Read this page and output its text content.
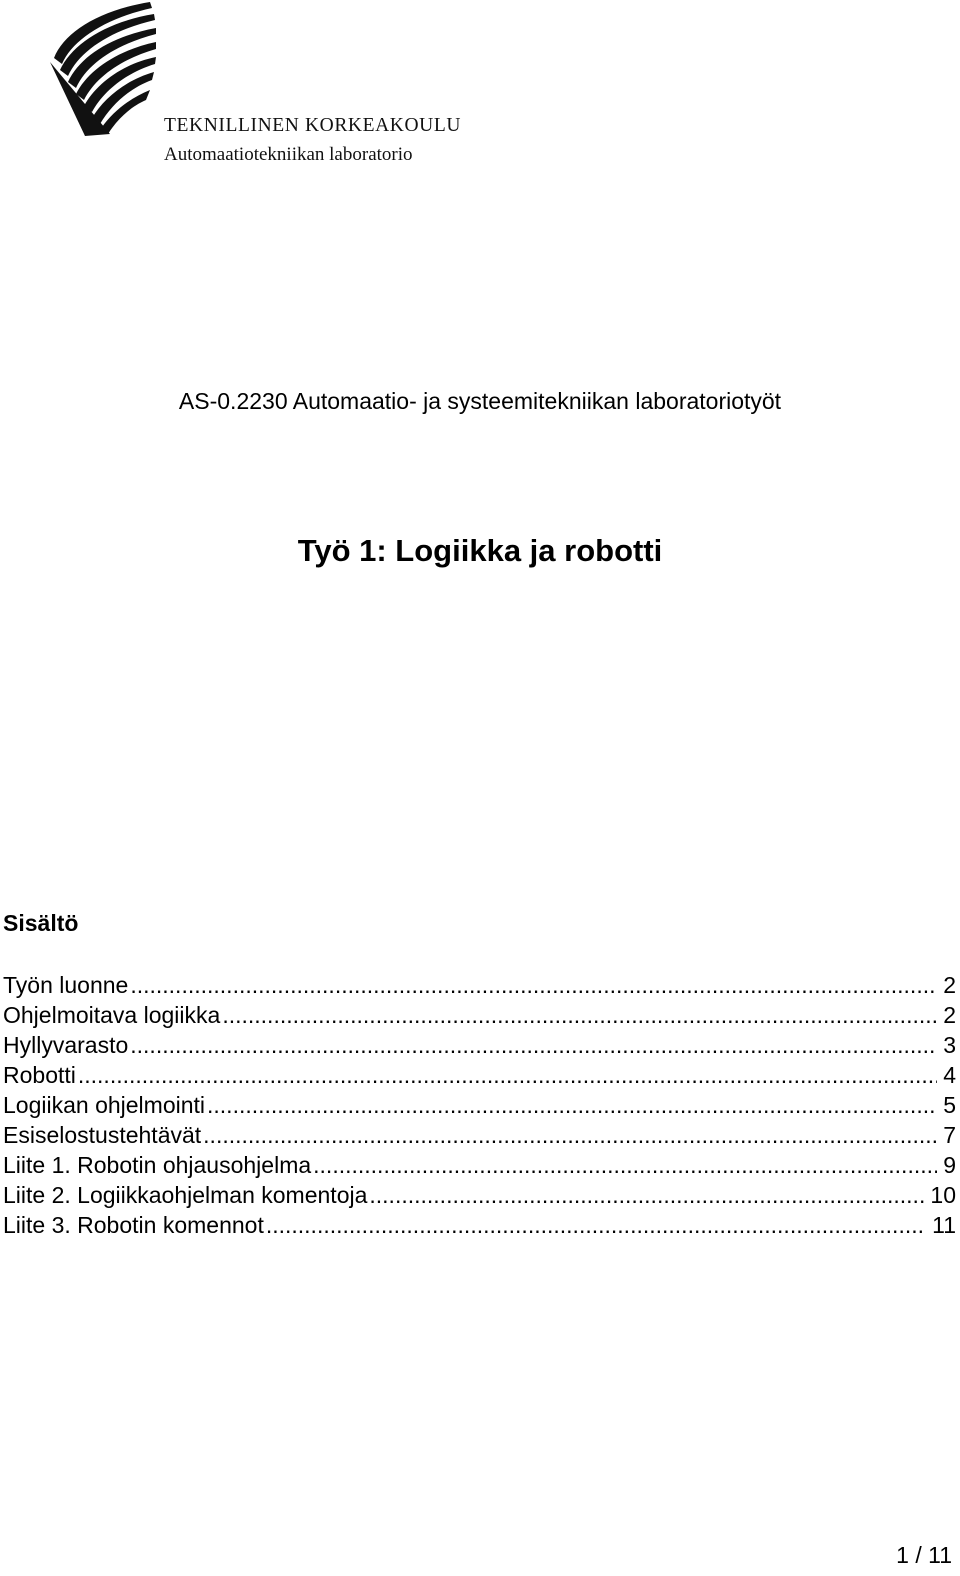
TEKNILLINEN KORKEAKOULU
Automaatiotekniikan laboratorio
AS-0.2230 Automaatio- ja systeemitekniikan laboratoriotyöt
Työ 1: Logiikka ja robotti
Sisältö
Työn luonne .....	2
Ohjelmoitava logiikka .....	2
Hyllyvarasto .....	3
Robotti .....	4
Logiikan ohjelmointi .....	5
Esiselostustehtävät .....	7
Liite 1. Robotin ohjausohjelma .....	9
Liite 2. Logiikkaohjelman komentoja .....	10
Liite 3. Robotin komennot .....	11
1 / 11
